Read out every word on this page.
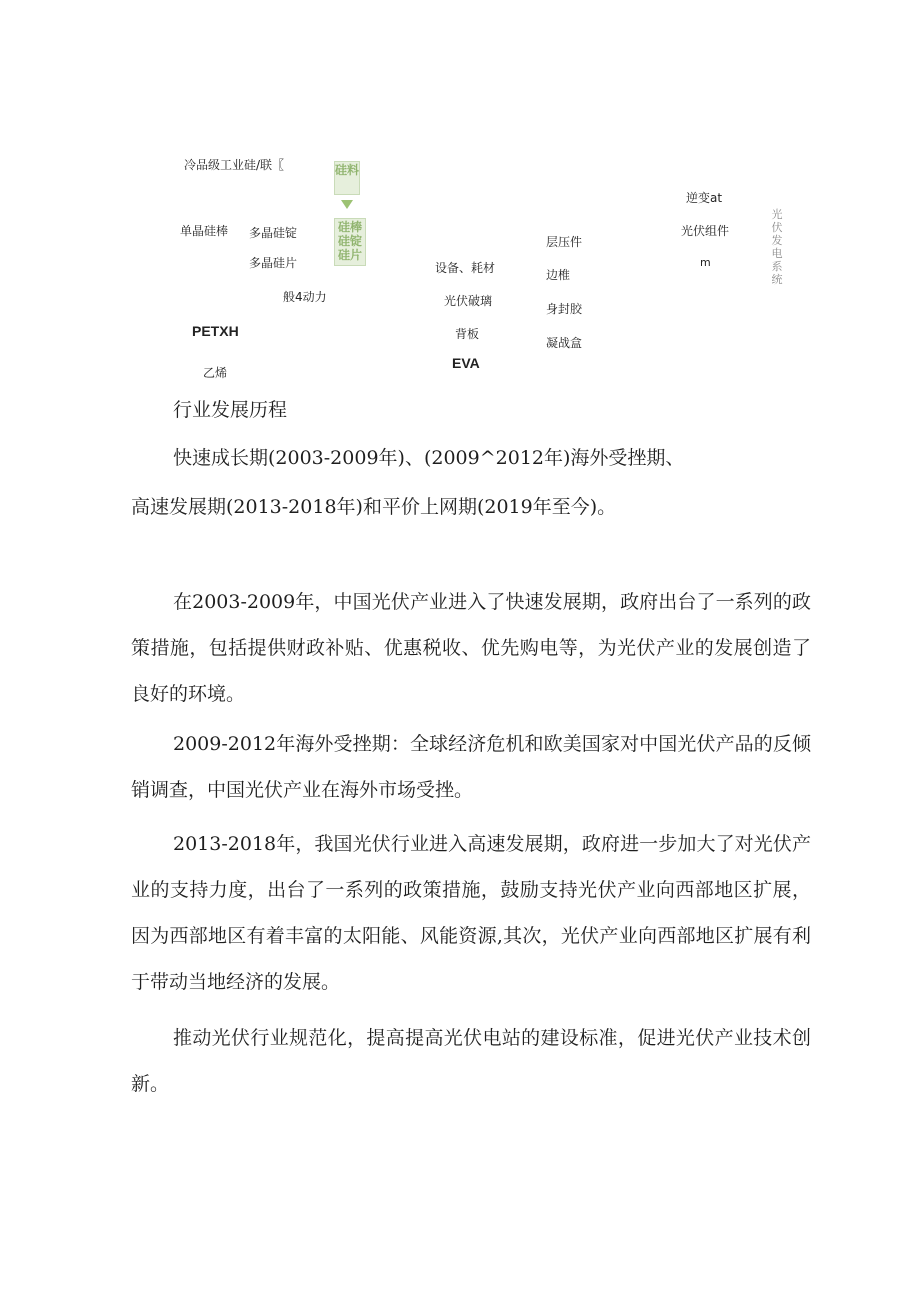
冷品级工业硅/联〖	硅料
硅棒硅锭硅片
单晶硅棒 多晶硅锭
多晶硅片
般4动力
PETXH
乙烯
设备、耗材
光伏破璃
背板
EVA
层压件
边椎
身封胶
凝战盒
逆变at
光伏组件
m
光伏发电系统
行业发展历程
快速成长期(2003-2009年)、(2009^2012年)海外受挫期、
高速发展期(2013-2018年)和平价上网期(2019年至今)。

在2003-2009年，中国光伏产业进入了快速发展期，政府出台了一系列的政策措施，包括提供财政补贴、优惠税收、优先购电等，为光伏产业的发展创造了良好的环境。

2009-2012年海外受挫期：全球经济危机和欧美国家对中国光伏产品的反倾销调查，中国光伏产业在海外市场受挫。

2013-2018年，我国光伏行业进入高速发展期，政府进一步加大了对光伏产业的支持力度，出台了一系列的政策措施，鼓励支持光伏产业向西部地区扩展，因为西部地区有着丰富的太阳能、风能资源,其次，光伏产业向西部地区扩展有利于带动当地经济的发展。

推动光伏行业规范化，提高提高光伏电站的建设标准，促进光伏产业技术创新。
